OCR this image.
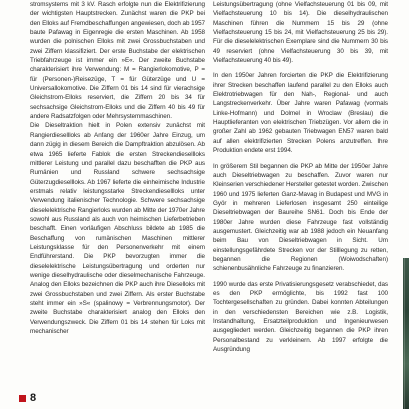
stromsystems mit 3 kV. Rasch erfolgte nun die Elektrifizierung der wichtigsten Hauptstrecken. Zunächst waren die PKP bei den Elloks auf Fremdbeschaffungen angewiesen, doch ab 1957 baute Pafawag in Eigenregie die ersten Maschinen. Ab 1958 wurden die polnischen Elloks mit zwei Grossbuchstaben und zwei Ziffern klassifiziert. Der erste Buchstabe der elektrischen Triebfahrzeuge ist immer ein »E«. Der zweite Buchstabe charakterisiert ihre Verwendung: M = Rangierlokomotive, P = für (Personen-)Reisezüge, T = für Güterzüge und U = Universallokomotive. Die Ziffern 01 bis 14 sind für vierachsige Gleichstrom-Elloks reserviert, die Ziffern 20 bis 34 für sechsachsige Gleichstrom-Elloks und die Ziffern 40 bis 49 für andere Radsatzfolgen oder Mehrsystemmaschinen.

Die Dieseltraktion hielt in Polen extensiv zunächst mit Rangierdiesellloks ab Anfang der 1960er Jahre Einzug, um dann zügig in diesem Bereich die Dampftraktion abzulösen. Ab etwa 1965 lieferte Fablok die ersten Streckendiesellloks mittlerer Leistung und parallel dazu beschafften die PKP aus Rumänien und Russland schwere sechsachsige Güterzugdiesellloks. Ab 1967 lieferte die einheimische Industrie erstmals relativ leistungsstarke Streckendiesellloks unter Verwendung italienischer Technologie. Schwere sechsachsige dieselelektrische Rangierloks wurden ab Mitte der 1970er Jahre sowohl aus Russland als auch von heimischen Lieferbetrieben beschafft. Einen vorläufigen Abschluss bildete ab 1985 die Beschaffung von rumänischen Maschinen mittlerer Leistungsklasse für den Personenverkehr mit einem Endführerstand. Die PKP bevorzugten immer die dieselelektrische Leistungsübertragung und orderten nur wenige dieselhydraulische oder dieselmechanische Fahrzeuge. Analog den Elloks bezeichnen die PKP auch ihre Dieselloks mit zwei Grossbuchstaben und zwei Ziffern. Als erster Buchstabe steht immer ein »S« (spalinowy = Verbrennungsmotor). Der zweite Buchstabe charakterisiert analog den Elloks den Verwendungszweck. Die Ziffern 01 bis 14 stehen für Loks mit mechanischer

Leistungsübertragung (ohne Vielfachsteuerung 01 bis 09, mit Vielfachsteuerung 10 bis 14). Die dieselhydraulischen Maschinen führen die Nummern 15 bis 29 (ohne Vielfachsteuerung 15 bis 24, mit Vielfachsteuerung 25 bis 29). Für die dieselelektrischen Exemplare sind die Nummern 30 bis 49 reserviert (ohne Vielfachsteuerung 30 bis 39, mit Vielfachsteuerung 40 bis 49).

In den 1950er Jahren forcierten die PKP die Elektrifizierung ihrer Strecken beschaffen laufend parallel zu den Elloks auch Elektrotriebwagen für den Nah-, Regional- und auch Langstreckenverkehr. Über Jahre waren Pafawag (vormals Linke-Hofmann) und Dolmel in Wroclaw (Breslau) die Hauptlieferanten von elektrischen Triebzügen. Vor allem die in großer Zahl ab 1962 gebauten Triebwagen EN57 waren bald auf allen elektrifizierten Strecken Polens anzutreffen. Ihre Produktion endete erst 1994.

In größerem Stil begannen die PKP ab Mitte der 1950er Jahre auch Dieseltriebwagen zu beschaffen. Zuvor waren nur Kleinserien verschiedener Hersteller getestet worden. Zwischen 1960 und 1975 lieferten Ganz-Mavag in Budapest und MVG in Györ in mehreren Lieferlosen insgesamt 250 einteilige Dieseltriebwagen der Baureihe SN61. Doch bis Ende der 1980er Jahre wurden diese Fahrzeuge fast vollständig ausgemustert. Gleichzeitig war ab 1988 jedoch ein Neuanfang beim Bau von Dieseltriebwagen in Sicht. Um einstellungsgefährdete Strecken vor der Stilllegung zu retten, begannen die Regionen (Woiwodschaften) schienenbusähnliche Fahrzeuge zu finanzieren.

1990 wurde das erste Privatisierungsgesetz verabschiedet, das es den PKP ermöglichte, bis 1992 fast 100 Tochtergesellschaften zu gründen. Dabei konnten Abteilungen in den verschiedensten Bereichen wie z.B. Logistik, Instandhaltung, Ersatzteilproduktion und Ingenieurwesen ausgegliedert werden. Gleichzeitig begannen die PKP ihren Personalbestand zu verkleinern. Ab 1997 erfolgte die Ausgründung

8
